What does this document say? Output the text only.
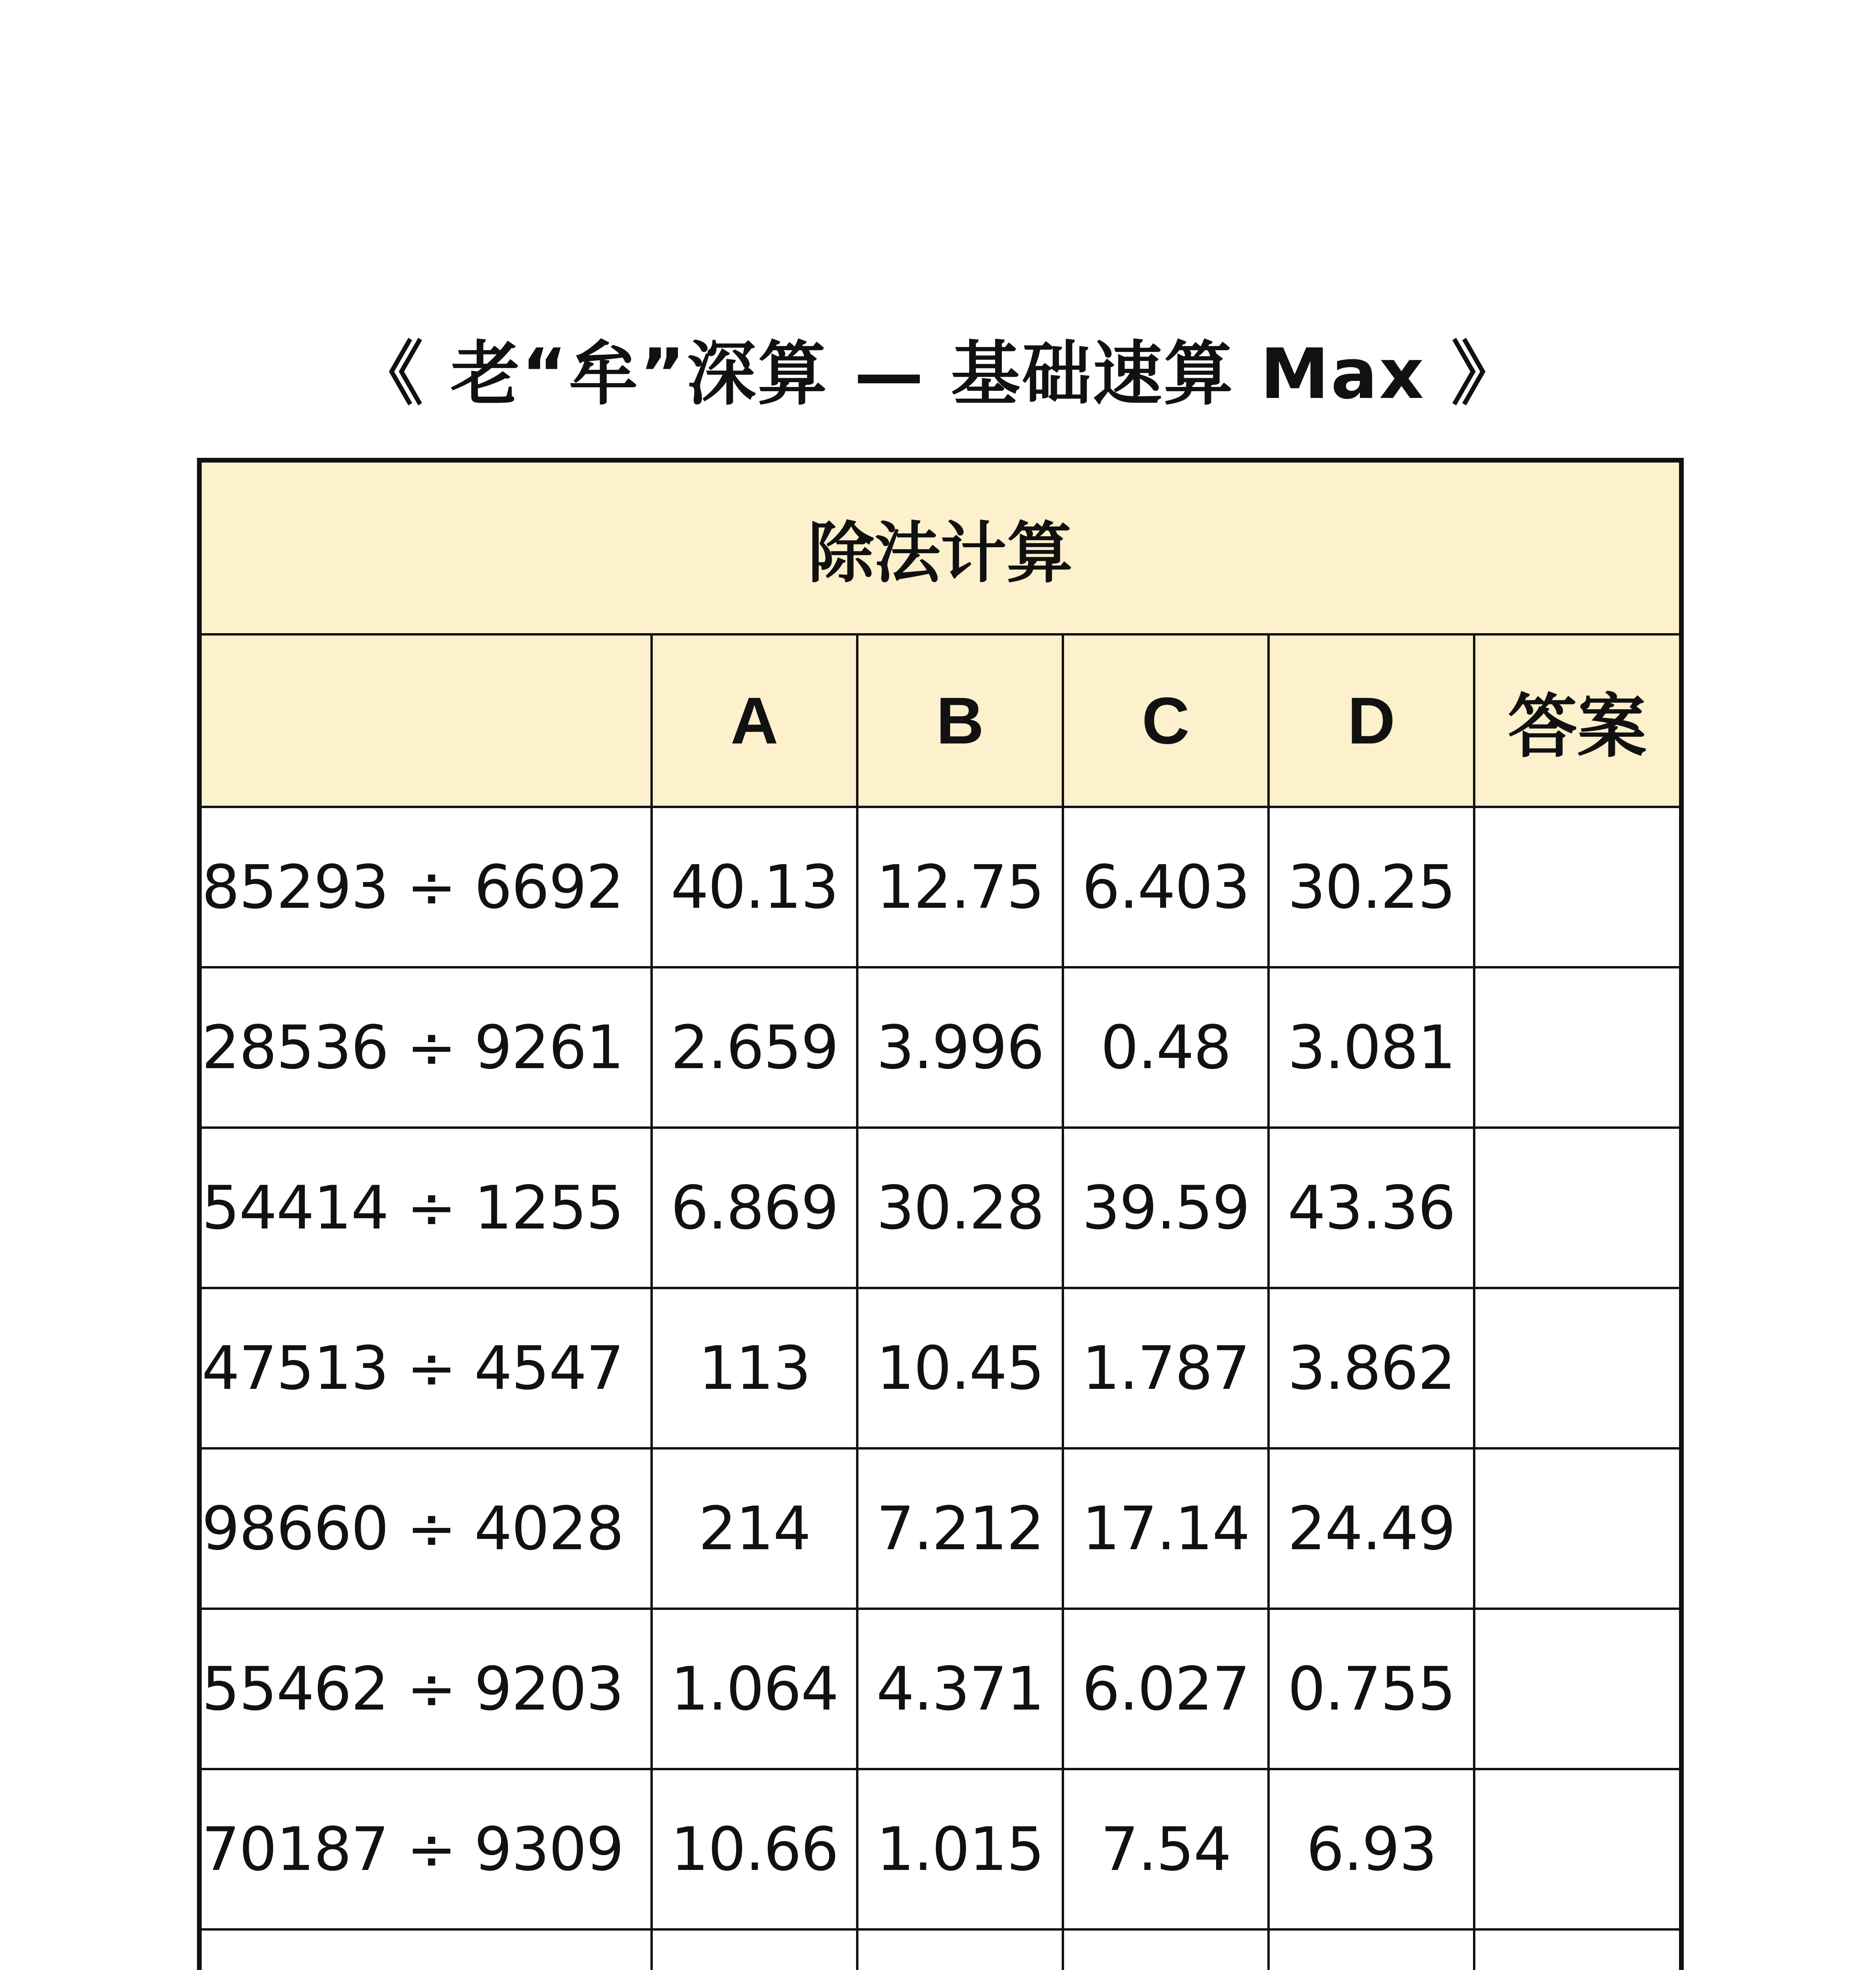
《 老“牟”深算 — 基础速算 Max 》
除法计算					
	A	B	C	D	答案
85293 ÷ 6692	40.13	12.75	6.403	30.25	
28536 ÷ 9261	2.659	3.996	0.48	3.081	
54414 ÷ 1255	6.869	30.28	39.59	43.36	
47513 ÷ 4547	113	10.45	1.787	3.862	
98660 ÷ 4028	214	7.212	17.14	24.49	
55462 ÷ 9203	1.064	4.371	6.027	0.755	
70187 ÷ 9309	10.66	1.015	7.54	6.93	
